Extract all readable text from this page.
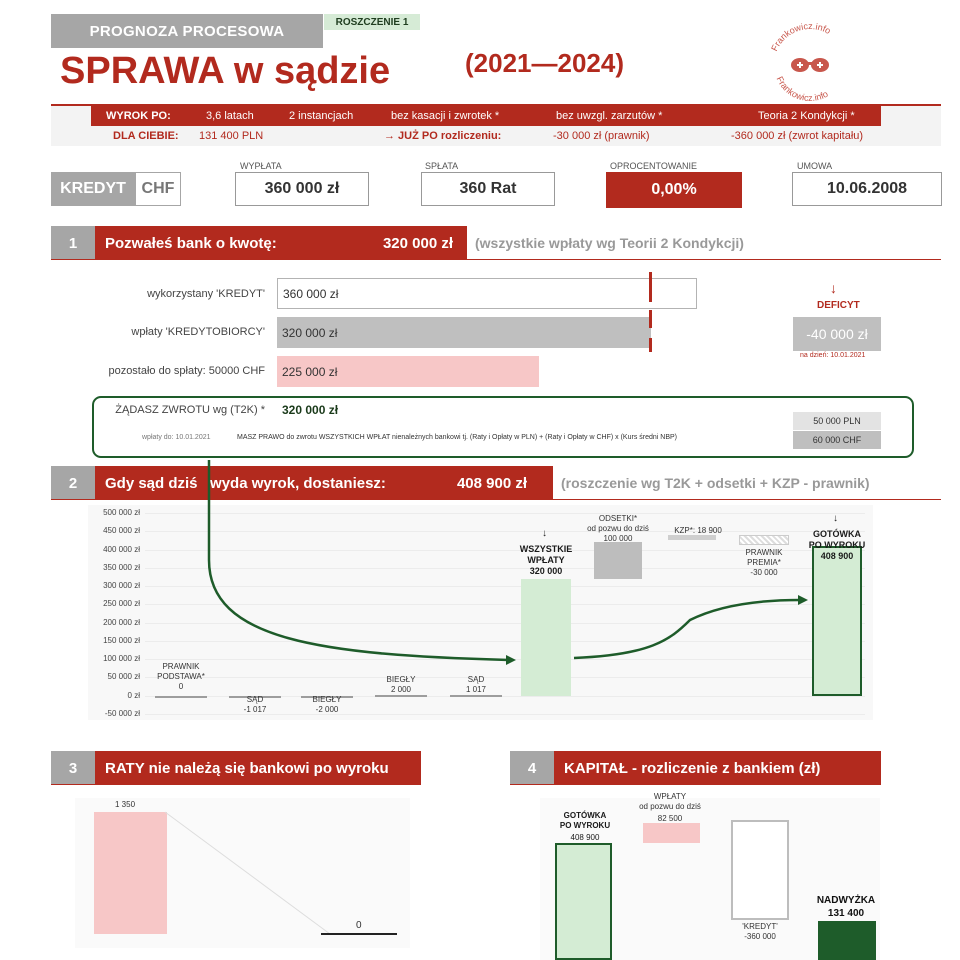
PROGNOZA PROCESOWA
ROSZCZENIE 1
SPRAWA w sądzie	(2021—2024)
Frankowicz.info
Frankowicz.info
WYROK PO:	3,6 latach	2 instancjach	bez kasacji i zwrotek *	bez uwzgl. zarzutów *	Teoria 2 Kondykcji *
DLA CIEBIE: 131 400 PLN	→ JUŻ PO rozliczeniu:	-30 000 zł (prawnik)	-360 000 zł (zwrot kapitału)
KREDYT CHF
WYPŁATA
360 000 zł
SPŁATA
360 Rat
OPROCENTOWANIE
0,00%
UMOWA
10.06.2008
1	Pozwałeś bank o kwotę:	320 000 zł	(wszystkie wpłaty wg Teorii 2 Kondykcji)
wykorzystany 'KREDYT'	360 000 zł
wpłaty 'KREDYTOBIORCY'	320 000 zł
pozostało do spłaty: 50000 CHF	225 000 zł
↓
DEFICYT
-40 000 zł
na dzień: 10.01.2021
ŻĄDASZ ZWROTU wg (T2K) * 320 000 zł
wpłaty do: 10.01.2021	MASZ PRAWO do zwrotu WSZYSTKICH WPŁAT nienależnych bankowi tj. (Raty i Opłaty w PLN) + (Raty i Opłaty w CHF) x (Kurs średni NBP)
50 000 PLN
60 000 CHF
2	Gdy sąd dziś   wyda wyrok, dostaniesz:	408 900 zł	(roszczenie wg T2K + odsetki + KZP - prawnik)
500 000 zł
450 000 zł
400 000 zł
350 000 zł
300 000 zł
250 000 zł
200 000 zł
150 000 zł
100 000 zł
50 000 zł
0 zł
-50 000 zł
PRAWNIK
PODSTAWA*
0
SĄD
-1 017
BIEGŁY
-2 000
BIEGŁY
2 000
SĄD
1 017
WSZYSTKIE
WPŁATY
320 000
↓
ODSETKI*
od pozwu do dziś
100 000
KZP*: 18 900
PRAWNIK
PREMIA*
-30 000
GOTÓWKA
PO WYROKU
408 900
↓
3	RATY nie należą się bankowi po wyroku
1 350
0
4	KAPITAŁ - rozliczenie z bankiem (zł)
GOTÓWKA
PO WYROKU
408 900
WPŁATY
od pozwu do dziś
82 500
'KREDYT'
-360 000
NADWYŻKA
131 400
